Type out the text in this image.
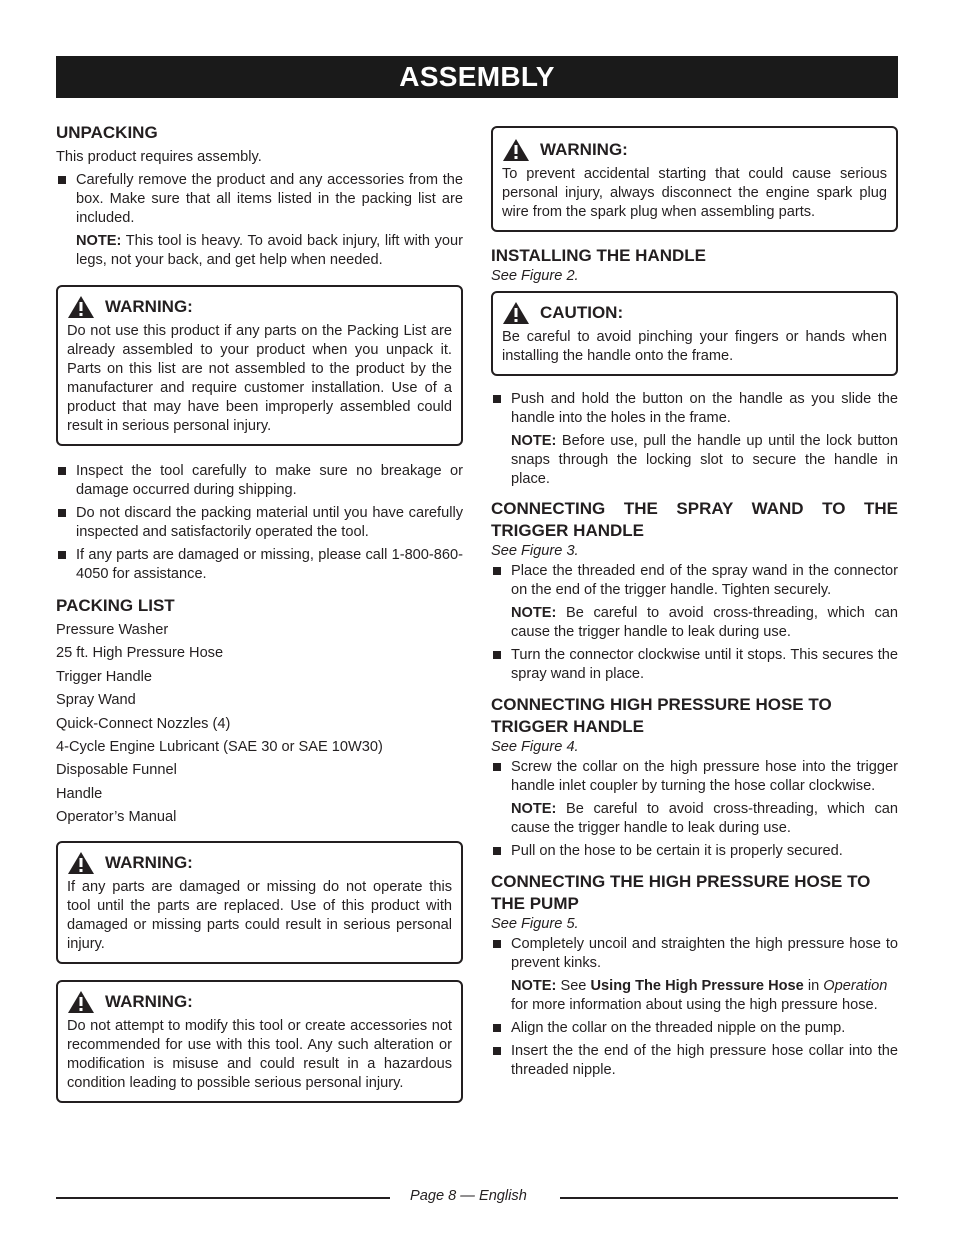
ASSEMBLY
UNPACKING

This product requires assembly.

Carefully remove the product and any accessories from the box. Make sure that all items listed in the packing list are included.
NOTE: This tool is heavy. To avoid back injury, lift with your legs, not your back, and get help when needed.
WARNING:

Do not use this product if any parts on the Packing List are already assembled to your product when you unpack it. Parts on this list are not assembled to the product by the manufacturer and require customer installation. Use of a product that may have been improperly assembled could result in serious personal injury.

Inspect the tool carefully to make sure no breakage or damage occurred during shipping.
Do not discard the packing material until you have carefully inspected and satisfactorily operated the tool.
If any parts are damaged or missing, please call 1-800-860-4050 for assistance.
PACKING LIST

Pressure Washer

25 ft. High Pressure Hose

Trigger Handle

Spray Wand

Quick-Connect Nozzles (4)

4-Cycle Engine Lubricant (SAE 30 or SAE 10W30)

Disposable Funnel

Handle

Operator’s Manual

WARNING:

If any parts are damaged or missing do not operate this tool until the parts are replaced. Use of this product with damaged or missing parts could result in serious personal injury.

WARNING:

Do not attempt to modify this tool or create accessories not recommended for use with this tool. Any such alteration or modification is misuse and could result in a hazardous condition leading to possible serious personal injury.

WARNING:

To prevent accidental starting that could cause serious personal injury, always disconnect the engine spark plug wire from the spark plug when assembling parts.

INSTALLING THE HANDLE

See Figure 2.

CAUTION:

Be careful to avoid pinching your fingers or hands when installing the handle onto the frame.

Push and hold the button on the handle as you slide the handle into the holes in the frame.
NOTE: Before use, pull the handle up until the lock button snaps through the locking slot to secure the handle in place.
CONNECTING THE SPRAY WAND TO THE TRIGGER HANDLE

See Figure 3.

Place the threaded end of the spray wand in the connector on the end of the trigger handle. Tighten securely.
NOTE: Be careful to avoid cross-threading, which can cause the trigger handle to leak during use.
Turn the connector clockwise until it stops. This secures the spray wand in place.
CONNECTING HIGH PRESSURE HOSE TO TRIGGER HANDLE

See Figure 4.

Screw the collar on the high pressure hose into the trigger handle inlet coupler by turning the hose collar clockwise.
NOTE: Be careful to avoid cross-threading, which can cause the trigger handle to leak during use.
Pull on the hose to be certain it is properly secured.
CONNECTING THE HIGH PRESSURE HOSE TO THE PUMP

See Figure 5.

Completely uncoil and straighten the high pressure hose to prevent kinks.
NOTE: See Using The High Pressure Hose in Operation for more information about using the high pressure hose.
Align the collar on the threaded nipple on the pump.
Insert the the end of the high pressure hose collar into the threaded nipple.
Page 8 — English
